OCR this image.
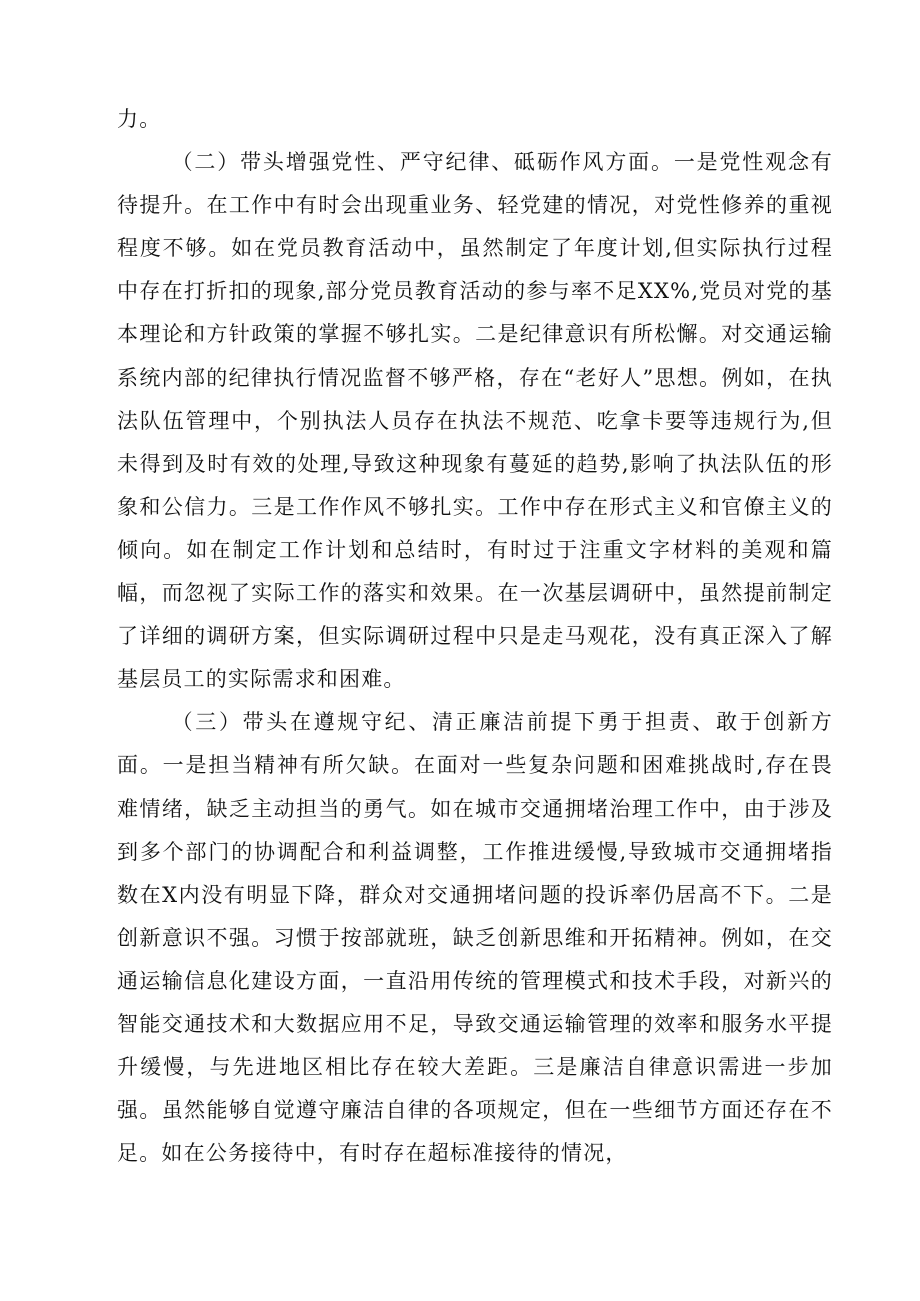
力。

（二）带头增强党性、严守纪律、砥砺作风方面。一是党性观念有待提升。在工作中有时会出现重业务、轻党建的情况，对党性修养的重视程度不够。如在党员教育活动中，虽然制定了年度计划,但实际执行过程中存在打折扣的现象,部分党员教育活动的参与率不足XX%,党员对党的基本理论和方针政策的掌握不够扎实。二是纪律意识有所松懈。对交通运输系统内部的纪律执行情况监督不够严格，存在“老好人”思想。例如，在执法队伍管理中，个别执法人员存在执法不规范、吃拿卡要等违规行为,但未得到及时有效的处理,导致这种现象有蔓延的趋势,影响了执法队伍的形象和公信力。三是工作作风不够扎实。工作中存在形式主义和官僚主义的倾向。如在制定工作计划和总结时，有时过于注重文字材料的美观和篇幅，而忽视了实际工作的落实和效果。在一次基层调研中，虽然提前制定了详细的调研方案，但实际调研过程中只是走马观花，没有真正深入了解基层员工的实际需求和困难。

（三）带头在遵规守纪、清正廉洁前提下勇于担责、敢于创新方面。一是担当精神有所欠缺。在面对一些复杂问题和困难挑战时,存在畏难情绪，缺乏主动担当的勇气。如在城市交通拥堵治理工作中，由于涉及到多个部门的协调配合和利益调整，工作推进缓慢,导致城市交通拥堵指数在X内没有明显下降，群众对交通拥堵问题的投诉率仍居高不下。二是创新意识不强。习惯于按部就班，缺乏创新思维和开拓精神。例如，在交通运输信息化建设方面，一直沿用传统的管理模式和技术手段，对新兴的智能交通技术和大数据应用不足，导致交通运输管理的效率和服务水平提升缓慢，与先进地区相比存在较大差距。三是廉洁自律意识需进一步加强。虽然能够自觉遵守廉洁自律的各项规定，但在一些细节方面还存在不足。如在公务接待中，有时存在超标准接待的情况，
